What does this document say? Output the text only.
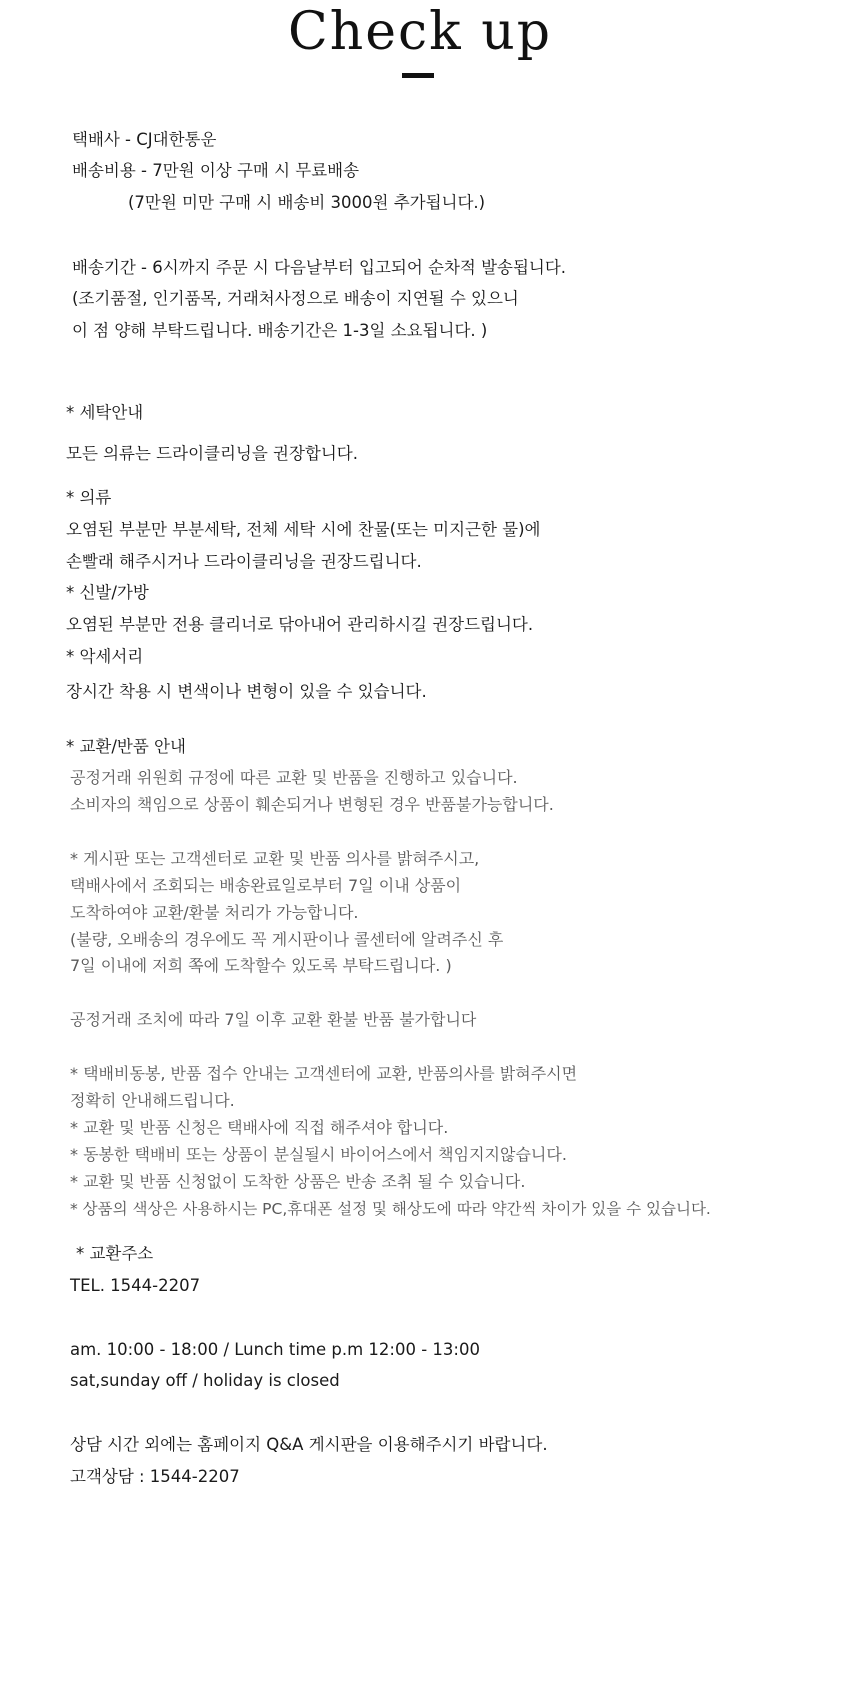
Check up
택배사 - CJ대한통운
배송비용 - 7만원 이상 구매 시 무료배송
(7만원 미만 구매 시 배송비 3000원 추가됩니다.)
배송기간 - 6시까지 주문 시 다음날부터 입고되어 순차적 발송됩니다.
(조기품절, 인기품목, 거래처사정으로 배송이 지연될 수 있으니
이 점 양해 부탁드립니다. 배송기간은 1-3일 소요됩니다. )
* 세탁안내
모든 의류는 드라이클리닝을 권장합니다.
* 의류
오염된 부분만 부분세탁, 전체 세탁 시에 찬물(또는 미지근한 물)에
손빨래 해주시거나 드라이클리닝을 권장드립니다.
* 신발/가방
오염된 부분만 전용 클리너로 닦아내어 관리하시길 권장드립니다.
* 악세서리
장시간 착용 시 변색이나 변형이 있을 수 있습니다.
* 교환/반품 안내
공정거래 위원회 규정에 따른 교환 및 반품을 진행하고 있습니다.
소비자의 책임으로 상품이 훼손되거나 변형된 경우 반품불가능합니다.
* 게시판 또는 고객센터로 교환 및 반품 의사를 밝혀주시고,
택배사에서 조회되는 배송완료일로부터 7일 이내 상품이
도착하여야 교환/환불 처리가 가능합니다.
(불량, 오배송의 경우에도 꼭 게시판이나 콜센터에 알려주신 후
7일 이내에 저희 쪽에 도착할수 있도록 부탁드립니다. )
공정거래 조치에 따라 7일 이후 교환 환불 반품 불가합니다
* 택배비동봉, 반품 접수 안내는 고객센터에 교환, 반품의사를 밝혀주시면
정확히 안내해드립니다.
* 교환 및 반품 신청은 택배사에 직접 해주셔야 합니다.
* 동봉한 택배비 또는 상품이 분실될시 바이어스에서 책임지지않습니다.
* 교환 및 반품 신청없이 도착한 상품은 반송 조취 될 수 있습니다.
* 상품의 색상은 사용하시는 PC,휴대폰 설정 및 해상도에 따라 약간씩 차이가 있을 수 있습니다.
* 교환주소
TEL. 1544-2207
am. 10:00 - 18:00 / Lunch time p.m 12:00 - 13:00
sat,sunday off / holiday is closed
상담 시간 외에는 홈페이지 Q&A 게시판을 이용해주시기 바랍니다.
고객상담 : 1544-2207
